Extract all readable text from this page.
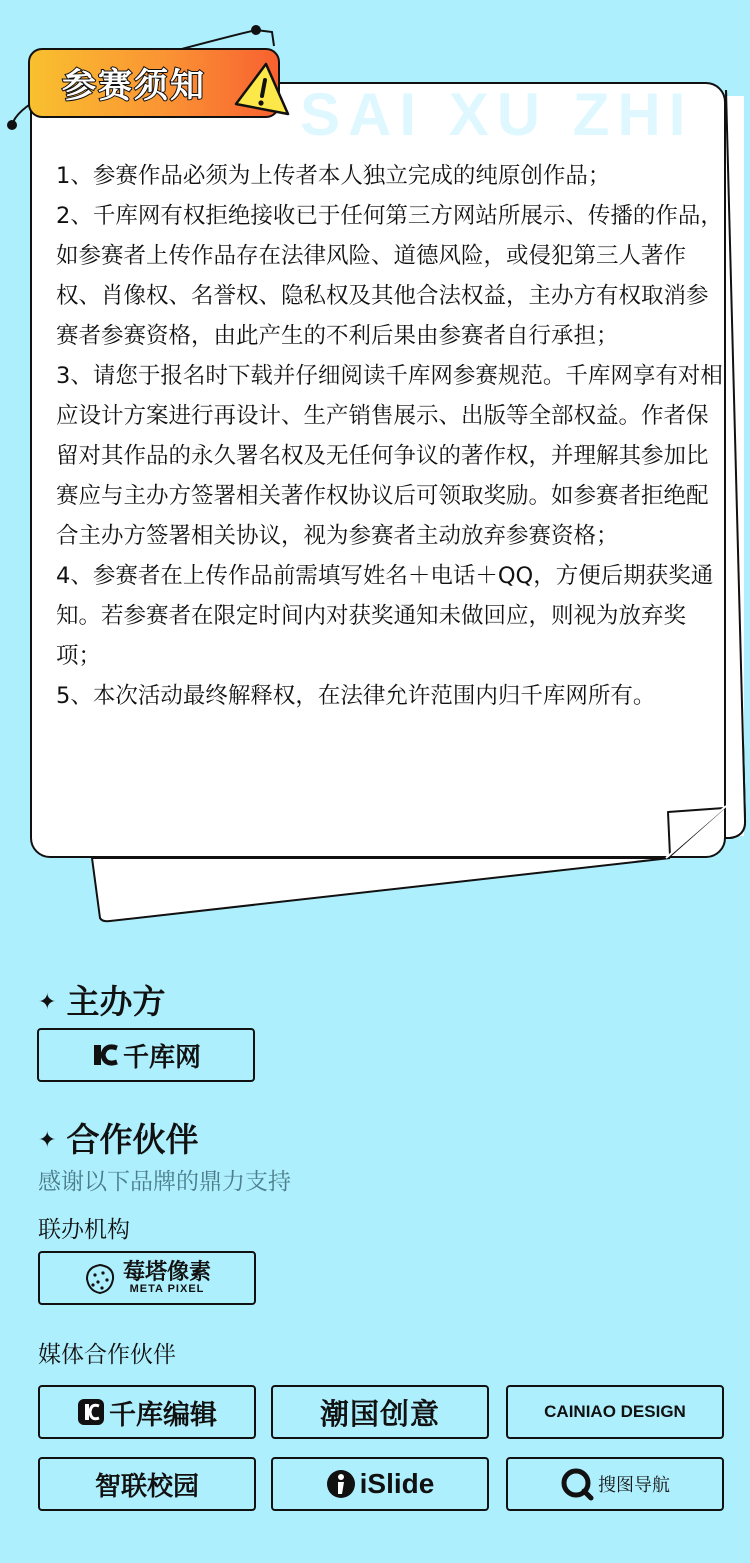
SAI XU ZHI
参赛须知

1、参赛作品必须为上传者本人独立完成的纯原创作品；

2、千库网有权拒绝接收已于任何第三方网站所展示、传播的作品，如参赛者上传作品存在法律风险、道德风险，或侵犯第三人著作权、肖像权、名誉权、隐私权及其他合法权益，主办方有权取消参赛者参赛资格，由此产生的不利后果由参赛者自行承担；

3、请您于报名时下载并仔细阅读千库网参赛规范。千库网享有对相应设计方案进行再设计、生产销售展示、出版等全部权益。作者保留对其作品的永久署名权及无任何争议的著作权，并理解其参加比赛应与主办方签署相关著作权协议后可领取奖励。如参赛者拒绝配合主办方签署相关协议，视为参赛者主动放弃参赛资格；

4、参赛者在上传作品前需填写姓名＋电话＋QQ，方便后期获奖通知。若参赛者在限定时间内对获奖通知未做回应，则视为放弃奖项；

5、本次活动最终解释权，在法律允许范围内归千库网所有。

✦ 主办方
千库网
✦ 合作伙伴
感谢以下品牌的鼎力支持
联办机构
莓塔像素
META PIXEL
媒体合作伙伴
千库编辑	潮国创意	CAINIAO DESIGN
智联校园	iSlide	搜图导航
